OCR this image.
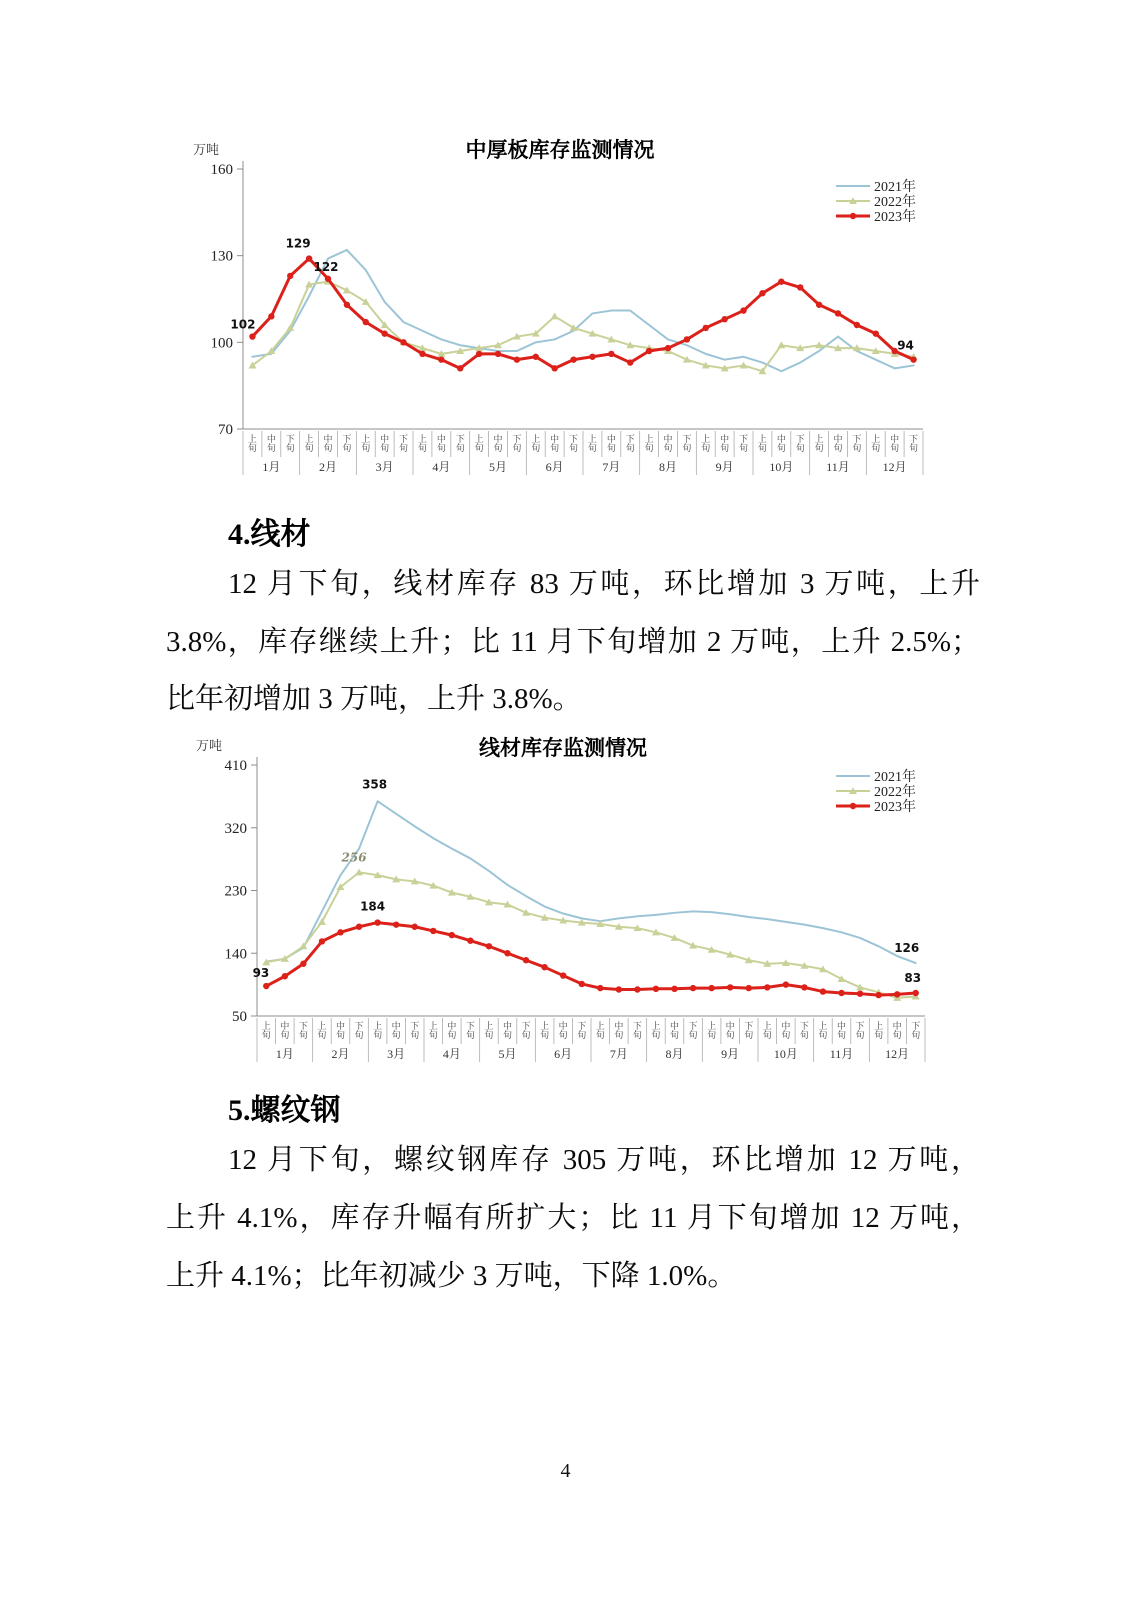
中厚板库存监测情况
万吨
160
130
100
70
上旬
中旬
下旬
上旬
中旬
下旬
上旬
中旬
下旬
上旬
中旬
下旬
上旬
中旬
下旬
上旬
中旬
下旬
上旬
中旬
下旬
上旬
中旬
下旬
上旬
中旬
下旬
上旬
中旬
下旬
上旬
中旬
下旬
上旬
中旬
下旬
1月	2月	3月	4月	5月	6月	7月	8月	9月	10月	11月	12月
102
129
122
94
2021年
2022年
2023年
4.线材
12 月下旬，线材库存 83 万吨，环比增加 3 万吨，上升
3.8%，库存继续上升；比 11 月下旬增加 2 万吨，上升 2.5%；
比年初增加 3 万吨，上升 3.8%。
线材库存监测情况
万吨
410
320
230
140
50
上旬
中旬
下旬
上旬
中旬
下旬
上旬
中旬
下旬
上旬
中旬
下旬
上旬
中旬
下旬
上旬
中旬
下旬
上旬
中旬
下旬
上旬
中旬
下旬
上旬
中旬
下旬
上旬
中旬
下旬
上旬
中旬
下旬
上旬
中旬
下旬
1月	2月	3月	4月	5月	6月	7月	8月	9月	10月	11月	12月
93
358
256
184
126
83
2021年
2022年
2023年
5.螺纹钢
12 月下旬，螺纹钢库存 305 万吨，环比增加 12 万吨，
上升 4.1%，库存升幅有所扩大；比 11 月下旬增加 12 万吨，
上升 4.1%；比年初减少 3 万吨，下降 1.0%。
4
